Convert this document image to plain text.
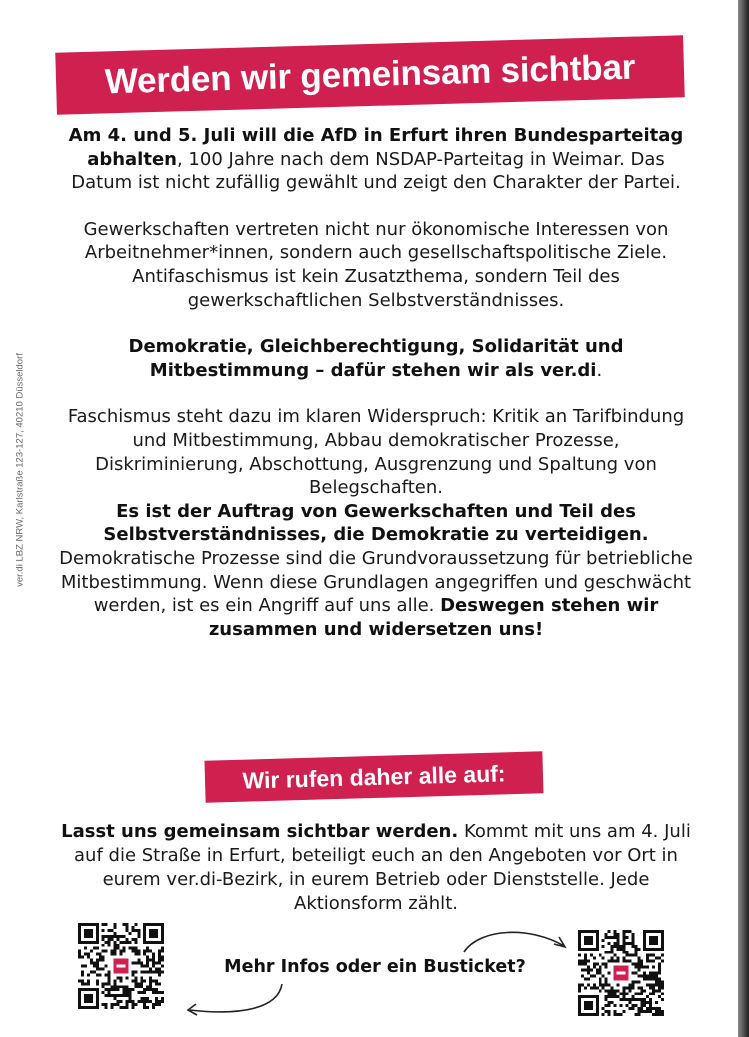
ver.di LBZ NRW, Karlstraße 123-127, 40210 Düsseldorf
Werden wir gemeinsam sichtbar

Am 4. und 5. Juli will die AfD in Erfurt ihren Bundesparteitag abhalten, 100 Jahre nach dem NSDAP-Parteitag in Weimar. Das Datum ist nicht zufällig gewählt und zeigt den Charakter der Partei.

Gewerkschaften vertreten nicht nur ökonomische Interessen von Arbeitnehmer*innen, sondern auch gesellschaftspolitische Ziele. Antifaschismus ist kein Zusatzthema, sondern Teil des gewerkschaftlichen Selbstverständnisses.

Demokratie, Gleichberechtigung, Solidarität und Mitbestimmung – dafür stehen wir als ver.di.

Faschismus steht dazu im klaren Widerspruch: Kritik an Tarifbindung und Mitbestimmung, Abbau demokratischer Prozesse, Diskriminierung, Abschottung, Ausgrenzung und Spaltung von Belegschaften.
Es ist der Auftrag von Gewerkschaften und Teil des Selbstverständnisses, die Demokratie zu verteidigen. Demokratische Prozesse sind die Grundvoraussetzung für betriebliche Mitbestimmung. Wenn diese Grundlagen angegriffen und geschwächt werden, ist es ein Angriff auf uns alle. Deswegen stehen wir zusammen und widersetzen uns!

Wir rufen daher alle auf:
Lasst uns gemeinsam sichtbar werden. Kommt mit uns am 4. Juli auf die Straße in Erfurt, beteiligt euch an den Angeboten vor Ort in eurem ver.di-Bezirk, in eurem Betrieb oder Dienststelle. Jede Aktionsform zählt.
Mehr Infos oder ein Busticket?
